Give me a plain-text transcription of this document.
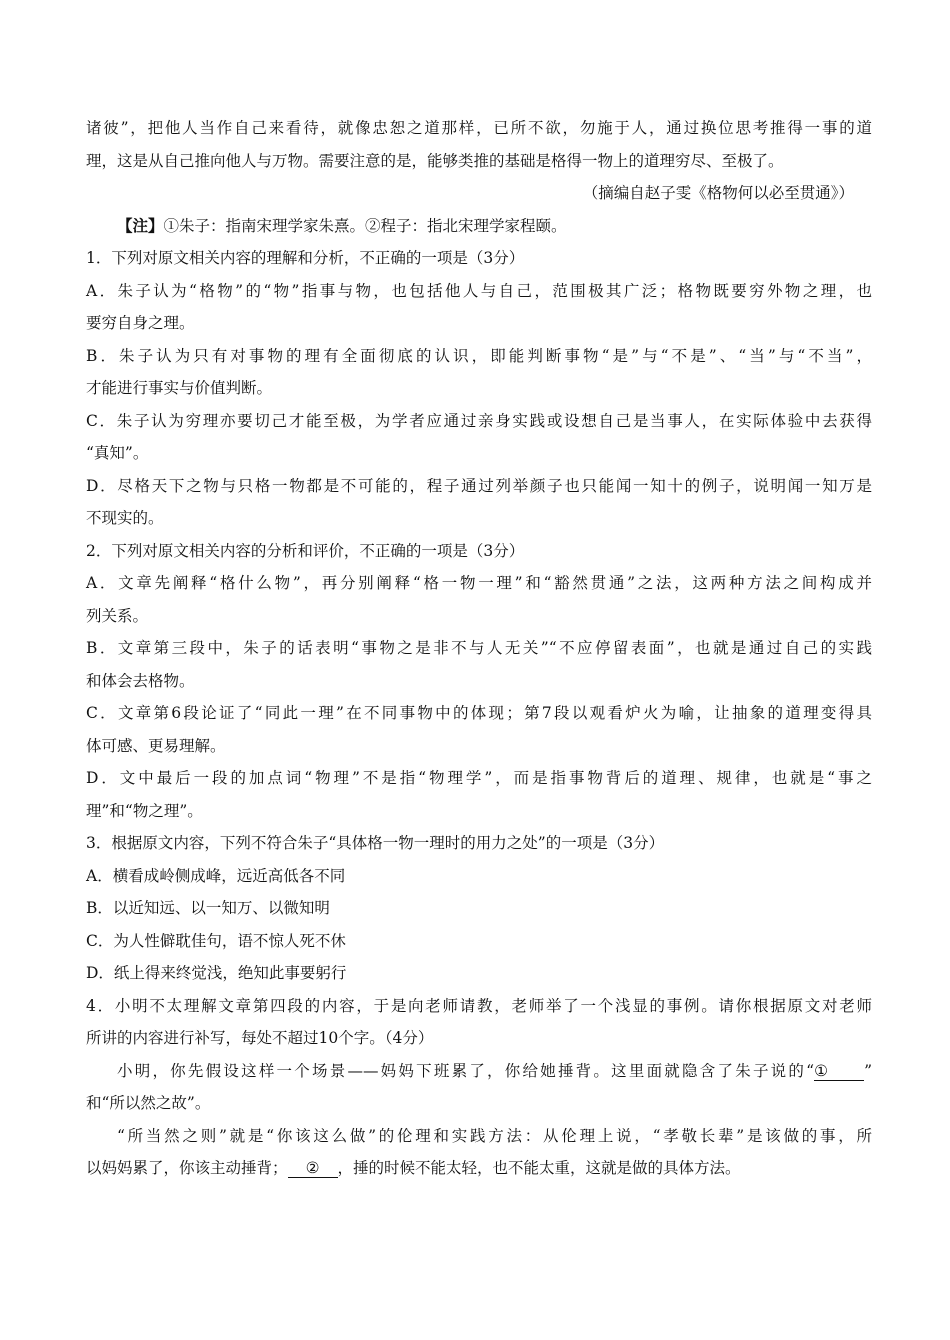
诸彼”，把他人当作自己来看待，就像忠恕之道那样，已所不欲，勿施于人，通过换位思考推得一事的道

理，这是从自己推向他人与万物。需要注意的是，能够类推的基础是格得一物上的道理穷尽、至极了。

（摘编自赵子雯《格物何以必至贯通》）

【注】①朱子：指南宋理学家朱熹。②程子：指北宋理学家程颐。

1．下列对原文相关内容的理解和分析，不正确的一项是（3分）

A．朱子认为“格物”的“物”指事与物，也包括他人与自己，范围极其广泛；格物既要穷外物之理，也

要穷自身之理。

B．朱子认为只有对事物的理有全面彻底的认识，即能判断事物“是”与“不是”、“当”与“不当”，

才能进行事实与价值判断。

C．朱子认为穷理亦要切己才能至极，为学者应通过亲身实践或设想自己是当事人，在实际体验中去获得

“真知”。

D．尽格天下之物与只格一物都是不可能的，程子通过列举颜子也只能闻一知十的例子，说明闻一知万是

不现实的。

2．下列对原文相关内容的分析和评价，不正确的一项是（3分）

A．文章先阐释“格什么物”，再分别阐释“格一物一理”和“豁然贯通”之法，这两种方法之间构成并

列关系。

B．文章第三段中，朱子的话表明“事物之是非不与人无关”“不应停留表面”，也就是通过自己的实践

和体会去格物。

C．文章第6段论证了“同此一理”在不同事物中的体现；第7段以观看炉火为喻，让抽象的道理变得具

体可感、更易理解。

D．文中最后一段的加点词“物理”不是指“物理学”，而是指事物背后的道理、规律，也就是“事之

理”和“物之理”。

3．根据原文内容，下列不符合朱子“具体格一物一理时的用力之处”的一项是（3分）

A．横看成岭侧成峰，远近高低各不同

B．以近知远、以一知万、以微知明

C．为人性僻耽佳句，语不惊人死不休

D．纸上得来终觉浅，绝知此事要躬行

4．小明不太理解文章第四段的内容，于是向老师请教，老师举了一个浅显的事例。请你根据原文对老师

所讲的内容进行补写，每处不超过10个字。（4分）

小明，你先假设这样一个场景——妈妈下班累了，你给她捶背。这里面就隐含了朱子说的“① ”

和“所以然之故”。

“所当然之则”就是“你该这么做”的伦理和实践方法：从伦理上说，“孝敬长辈”是该做的事，所

以妈妈累了，你该主动捶背； ② ，捶的时候不能太轻，也不能太重，这就是做的具体方法。
